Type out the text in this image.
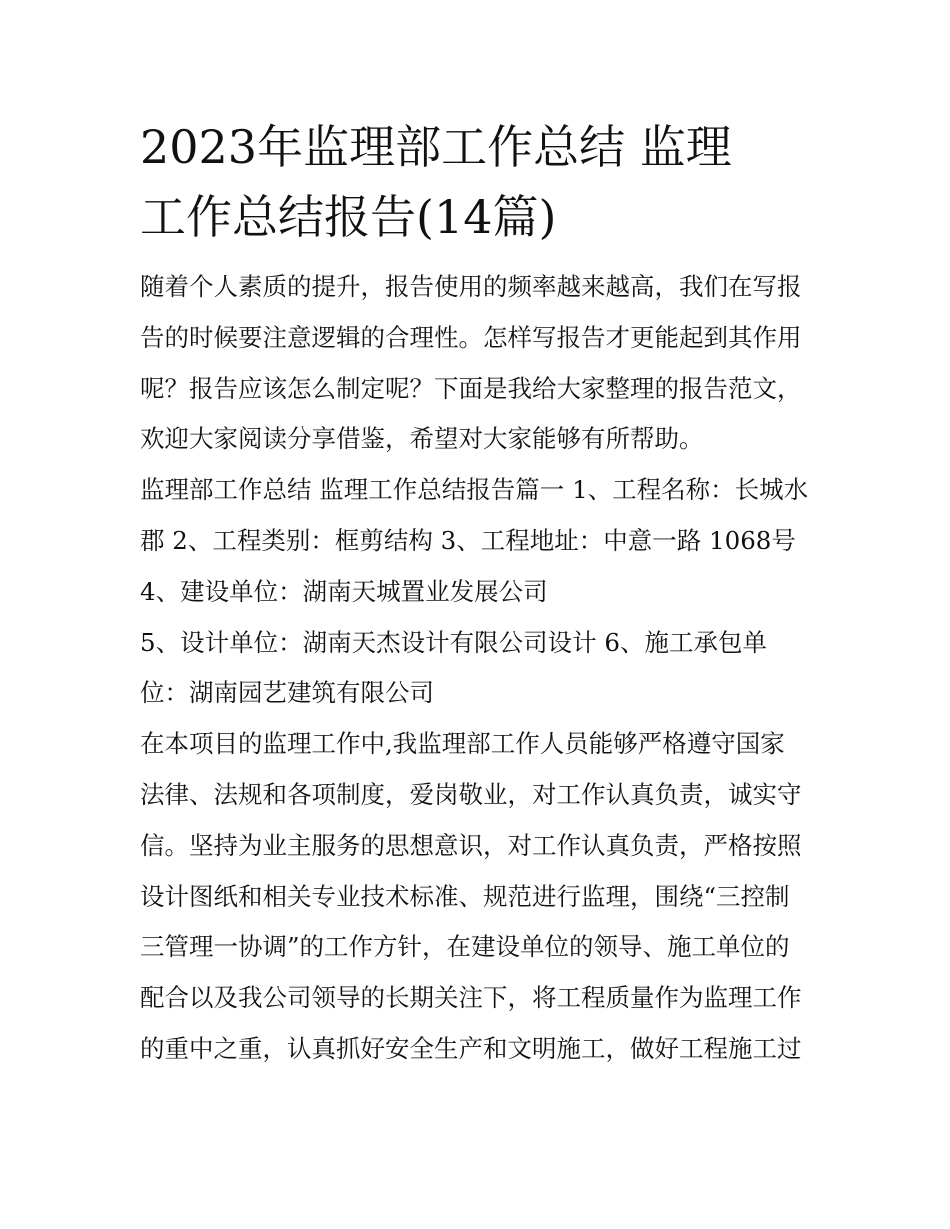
2023年监理部工作总结 监理
工作总结报告(14篇)

随着个人素质的提升，报告使用的频率越来越高，我们在写报
告的时候要注意逻辑的合理性。怎样写报告才更能起到其作用
呢？报告应该怎么制定呢？下面是我给大家整理的报告范文，
欢迎大家阅读分享借鉴，希望对大家能够有所帮助。

监理部工作总结 监理工作总结报告篇一 1、工程名称：长城水
郡 2、工程类别：框剪结构 3、工程地址：中意一路 1068号

4、建设单位：湖南天城置业发展公司

5、设计单位：湖南天杰设计有限公司设计 6、施工承包单
位：湖南园艺建筑有限公司

在本项目的监理工作中,我监理部工作人员能够严格遵守国家
法律、法规和各项制度，爱岗敬业，对工作认真负责，诚实守
信。坚持为业主服务的思想意识，对工作认真负责，严格按照
设计图纸和相关专业技术标准、规范进行监理，围绕“三控制
三管理一协调”的工作方针，在建设单位的领导、施工单位的
配合以及我公司领导的长期关注下，将工程质量作为监理工作
的重中之重，认真抓好安全生产和文明施工，做好工程施工过
